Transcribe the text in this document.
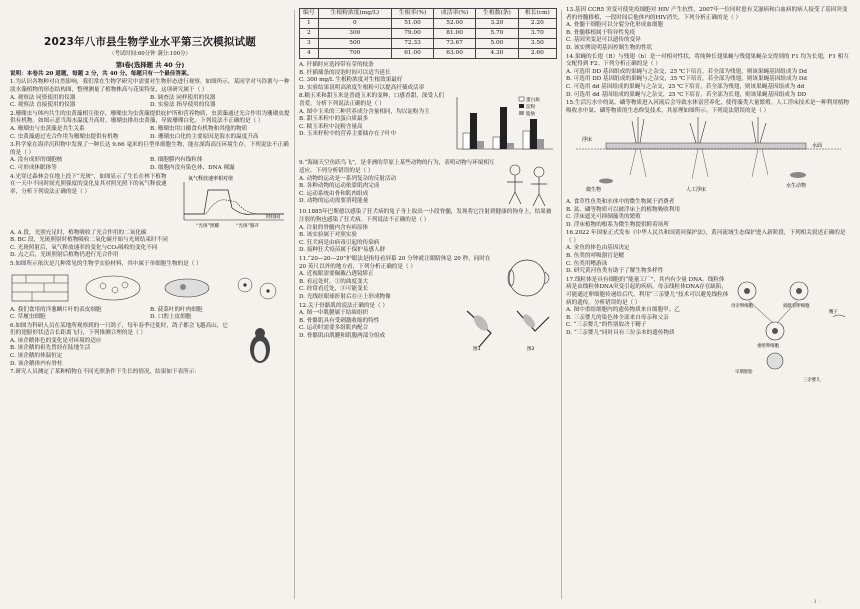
2023年八市县生物学业水平第三次模拟试题
（考试时间:60分钟 满分:100分）
第Ⅰ卷(选择题 共 40 分)
说明：本卷共 20 道题，每题 2 分，共 40 分。每题只有一个最佳答案。
1.为认识各物种对自然影响，我们常在生物学研究中需要对生物形态进行观察。如图所示，某同学对马铃薯与一种淡水藻植物的形态结构图，整理测量了植物株高与花果特征，这项研究属于（ ）
A. 观察法 同资使用的仪器	B. 调查法 同样使用的仪器
C. 观察法 直接使用的仪器	D. 实验法 指导使用的仪器
2.珊瑚虫与体内共生的虫黄藻相互依存，珊瑚虫为虫黄藻提供庇护所和营养物质，虫黄藻通过光合作用为珊瑚虫提供有机物。如图示意当海水温度升高时，珊瑚虫排出虫黄藻，导致珊瑚白化。下列说法不正确的是（ ）
A. 珊瑚虫与虫黄藻是共生关系	B. 珊瑚虫用口摄食有机物和其他的物质
C. 虫黄藻通过光合作用为珊瑚虫提供有机物	D. 珊瑚虫白化的主要原因是海水的温度升高
3.科学家在海洋沉积物中发现了一种长达 9.66 毫米的巨型单细胞生物，能在深海高压环境生存。下列说法不正确的是（ ）
A. 没有成形的细胞核	B. 细胞膜内有线粒体
C. 可形成休眠体等	D. 细胞内没有染色体、DNA 裸露
4.光穿过森林会在地上投下“光斑”，如图显示了生长在林下植物在一天中不同时间光照强度的变化及其对照光照下的氧气释放速率，分析下列说法正确的是（ ）
氧气释放速率相对值
“光斑”照耀	“光斑”移开
时间(s)
A. A 段，光照充足时，植物吸收了光合作用的二氧化碳
B. BC 段，光斑照射时植物吸收二氧化碳开始与光斑结束时不同
C. 光斑照射后，氧气释放速率的变化与CO₂吸收的变化不同
D. 点之后，光斑照射后植物仍进行光合作用
5.如图所示依次是几种常见的生物学实验材料，其中属于单细胞生物的是（ ）
A. 我们食用的洋葱鳞片叶的表皮细胞	B. 菠菜叶的叶肉细胞
C. 草履虫细胞	D. 口腔上皮细胞
6.如图为科研人员在某地所观察到的一只鸽子，每年春季迁徙时，鸽子都会飞越高山，它们的翅膀形状适合长距离飞行，下列推测合理的是（ ）
A. 该企鹅体色的变化是对环境的适应
B. 该企鹅的祖先曾经在陆地生活
C. 该企鹅的体温恒定
D. 该企鹅体内有脊柱
7.研究人员测定了某种植物在不同光照条件下生长的情况，结果如下表所示：
编号	生根粉浓度(mg/L)	生根率(%)	成活率(%)	生根数(条)	根长(cm)
1	0	51.00	52.00	3.20	2.20
2	300	79.00	81.00	5.70	3.70
3	500	72.33	73.67	5.00	3.50
4	700	61.00	63.00	4.30	2.60
A. 扦插时应选择带有芽的枝条
B. 扦插插条的浸泡时间可以适当延长
C. 300 mg/L 生根粉浓度对生根效果最好
D. 实验结果说明高浓度生根粉可以提高扦插成活率
8.糯玉米和甜玉米是普通玉米的变种，口感香甜，深受人们喜爱。分析下列说法正确的是（ ）
A. 图中玉米的三种营养成分含量相同，均以淀粉为主
B. 甜玉米粒中的蛋白质最多
C. 糯玉米粒中淀粉含量高
D. 玉米籽粒中的营养主要储存在子叶中
蛋白质
淀粉
脂肪
9.“海阔天空鱼跃鸟飞”，是非洲的草原上某些动物的行为，表明动物与环境相互适应。下列分析错误的是（ ）
A. 动物的运动是一系列复杂的反射活动
B. 各种动物的运动依靠肌肉完成
C. 运动系统由骨和肌肉组成
D. 动物的运动需要消耗能量
10.1885年巴斯德以感染了狂犬病的兔子身上取出一小段脊髓，发现将它注射到健康的狗身上，结果被注射的狗也感染了狂犬病。下列说法不正确的是（ ）
A. 注射的脊髓内含有病原体
B. 该实验属于对照实验
C. 狂犬病是由病毒引起的传染病
D. 接种狂犬疫苗属于保护易感人群
11.“20—20—20”护眼法是指每看屏幕 20 分钟就让眼睛休息 20 秒，同时在 20 英尺以外的地方看，下列分析正确的是（ ）
A. 近视眼需要佩戴凸透镜矫正
B. 看远处时，①的曲度变大
C. 经常看近处，③可能变长
D. 光线经眼球折射后在④上形成物像
12.关于骨骼肌的说法正确的是（ ）
A. 图一中肌腱属于结缔组织
B. 骨骼肌具有受刺激收缩的特性
C. 运动时需要多组肌肉配合
D. 骨骼肌由肌腱和肌腹两部分组成
图1	图2
13.基因 CCR5 突变可使免疫细胞对 HIV 产生抗性，2007年一位同时患有艾滋病和白血病的病人接受了基因突变者的骨髓移植，一段时间后他体内的HIV消失，下列分析正确的是（ ）
A. 骨髓干细胞可以分裂分化形成血细胞
B. 骨髓移植属于特异性免疫
C. 基因突变是可以遗传的变异
D. 该实例说明基因控制生物的性状
14.果蝇的长翅（B）与残翅（b）是一对相对性状，将纯种长翅果蝇与残翅果蝇杂交得到的 F1 均为长翅，F1 相互交配得到 F2。下列分析正确的是（ ）
A. 可选用 DD 基因组成的果蝇与之杂交，25 ℃下培育，若全部为残翅，则该果蝇基因组成为 Dd
B. 可选用 DD 基因组成的果蝇与之杂交，35 ℃下培育，若全部为残翅，则该果蝇基因组成为 Dd
C. 可选用 dd 基因组成的果蝇与之杂交，25 ℃下培育，若全部为残翅，则该果蝇基因组成为 dd
D. 可选用 dd 基因组成的果蝇与之杂交，25 ℃下培育，若全部为长翅，则该果蝇基因组成为 DD
15.生活污水中的氮、磷等物质进入河流后会导致水体富营养化，使得藻类大量繁殖。人工浮床技术是一种利用植物吸收水中氮、磷等物质的生态修复技术，其原理如图所示。下列说法错误的是（ ）
浮床
水面
人工浮床
水生动物
微生物
A. 食草性鱼类和水体中的微生物属于消费者
B. 氮、磷等物质可以被浮床上的植物吸收利用
C. 浮床遮光可抑制藻类的繁殖
D. 浮床植物的根系为微生物提供附着场所
16.2022 年国家正式发布《中华人民共和国黄河保护法》，黄河流域生态保护进入新阶段，下列相关叙述正确的是（ ）
A. 金鱼的体色由基因决定
B. 鱼类的呼吸器官是鳃
C. 鱼类用鳍游泳
D. 研究黄河鱼类有助于了解生物多样性
17.线粒体是具有细胞的“能量工厂”，其内有少量 DNA。线粒体病是由线粒体DNA突变引起的疾病，母亲线粒体DNA存在缺陷，可能通过卵细胞传递给后代。利用“三亲婴儿”技术可以避免线粒体病的遗传。分析错误的是（ ）
A. 图中重组细胞内的遗传物质来自细胞甲、乙
B. 三亲婴儿的染色体全部来自母亲和父亲
C. “三亲婴儿”的性别取决于精子
D. “三亲婴儿”同时具有三位亲本的遗传物质
母亲卵细胞	捐献者卵细胞
精子
重组卵细胞
早期胚胎
三亲婴儿
· 1 ·
